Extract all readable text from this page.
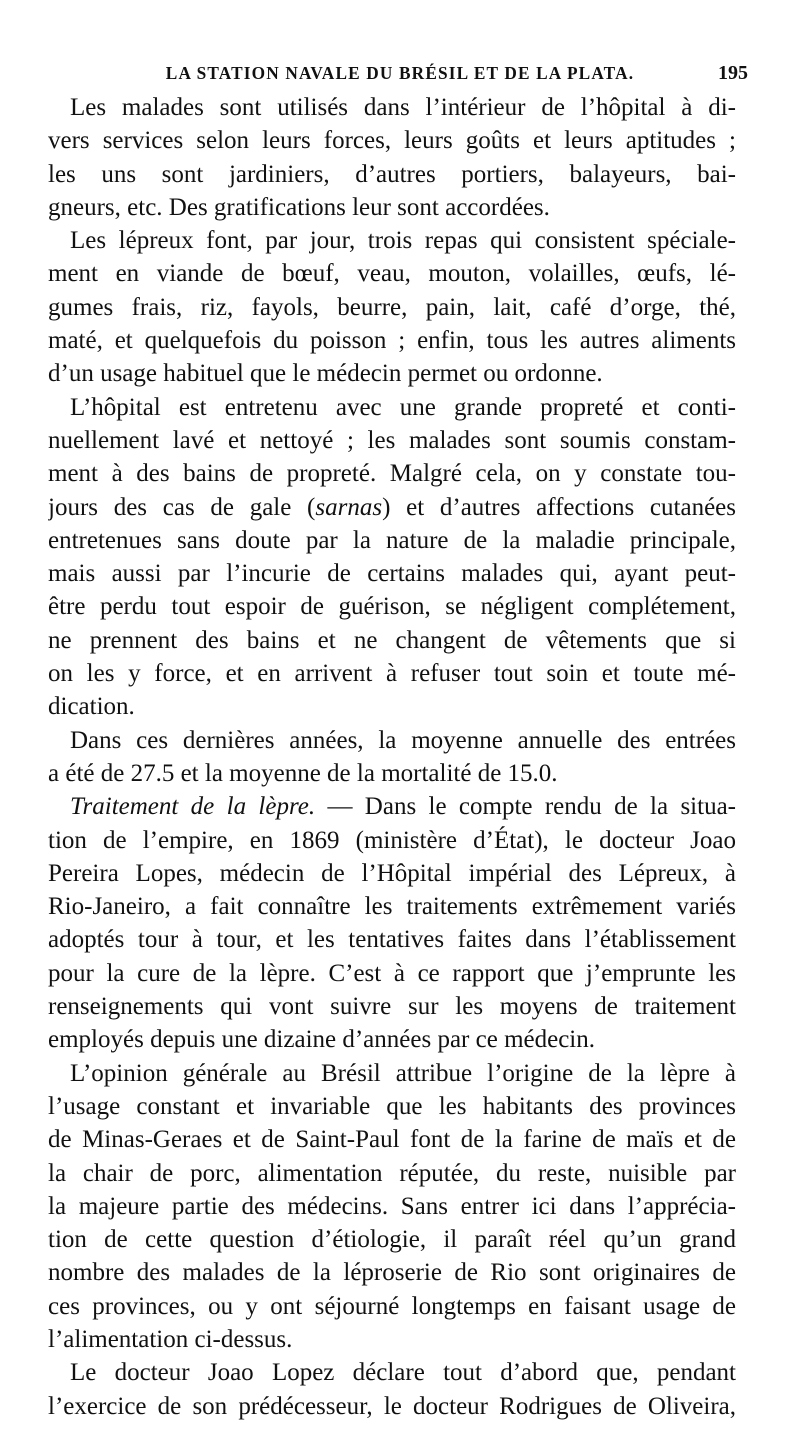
LA STATION NAVALE DU BRÉSIL ET DE LA PLATA.	195
Les malades sont utilisés dans l’intérieur de l’hôpital à di-
vers services selon leurs forces, leurs goûts et leurs aptitudes ;
les uns sont jardiniers, d’autres portiers, balayeurs, bai-
gneurs, etc. Des gratifications leur sont accordées.
Les lépreux font, par jour, trois repas qui consistent spéciale-
ment en viande de bœuf, veau, mouton, volailles, œufs, lé-
gumes frais, riz, fayols, beurre, pain, lait, café d’orge, thé,
maté, et quelquefois du poisson ; enfin, tous les autres aliments
d’un usage habituel que le médecin permet ou ordonne.
L’hôpital est entretenu avec une grande propreté et conti-
nuellement lavé et nettoyé ; les malades sont soumis constam-
ment à des bains de propreté. Malgré cela, on y constate tou-
jours des cas de gale (sarnas) et d’autres affections cutanées
entretenues sans doute par la nature de la maladie principale,
mais aussi par l’incurie de certains malades qui, ayant peut-
être perdu tout espoir de guérison, se négligent complétement,
ne prennent des bains et ne changent de vêtements que si
on les y force, et en arrivent à refuser tout soin et toute mé-
dication.
Dans ces dernières années, la moyenne annuelle des entrées
a été de 27.5 et la moyenne de la mortalité de 15.0.
Traitement de la lèpre. — Dans le compte rendu de la situa-
tion de l’empire, en 1869 (ministère d’État), le docteur Joao
Pereira Lopes, médecin de l’Hôpital impérial des Lépreux, à
Rio-Janeiro, a fait connaître les traitements extrêmement variés
adoptés tour à tour, et les tentatives faites dans l’établissement
pour la cure de la lèpre. C’est à ce rapport que j’emprunte les
renseignements qui vont suivre sur les moyens de traitement
employés depuis une dizaine d’années par ce médecin.
L’opinion générale au Brésil attribue l’origine de la lèpre à
l’usage constant et invariable que les habitants des provinces
de Minas-Geraes et de Saint-Paul font de la farine de maïs et de
la chair de porc, alimentation réputée, du reste, nuisible par
la majeure partie des médecins. Sans entrer ici dans l’apprécia-
tion de cette question d’étiologie, il paraît réel qu’un grand
nombre des malades de la léproserie de Rio sont originaires de
ces provinces, ou y ont séjourné longtemps en faisant usage de
l’alimentation ci-dessus.
Le docteur Joao Lopez déclare tout d’abord que, pendant
l’exercice de son prédécesseur, le docteur Rodrigues de Oliveira,
